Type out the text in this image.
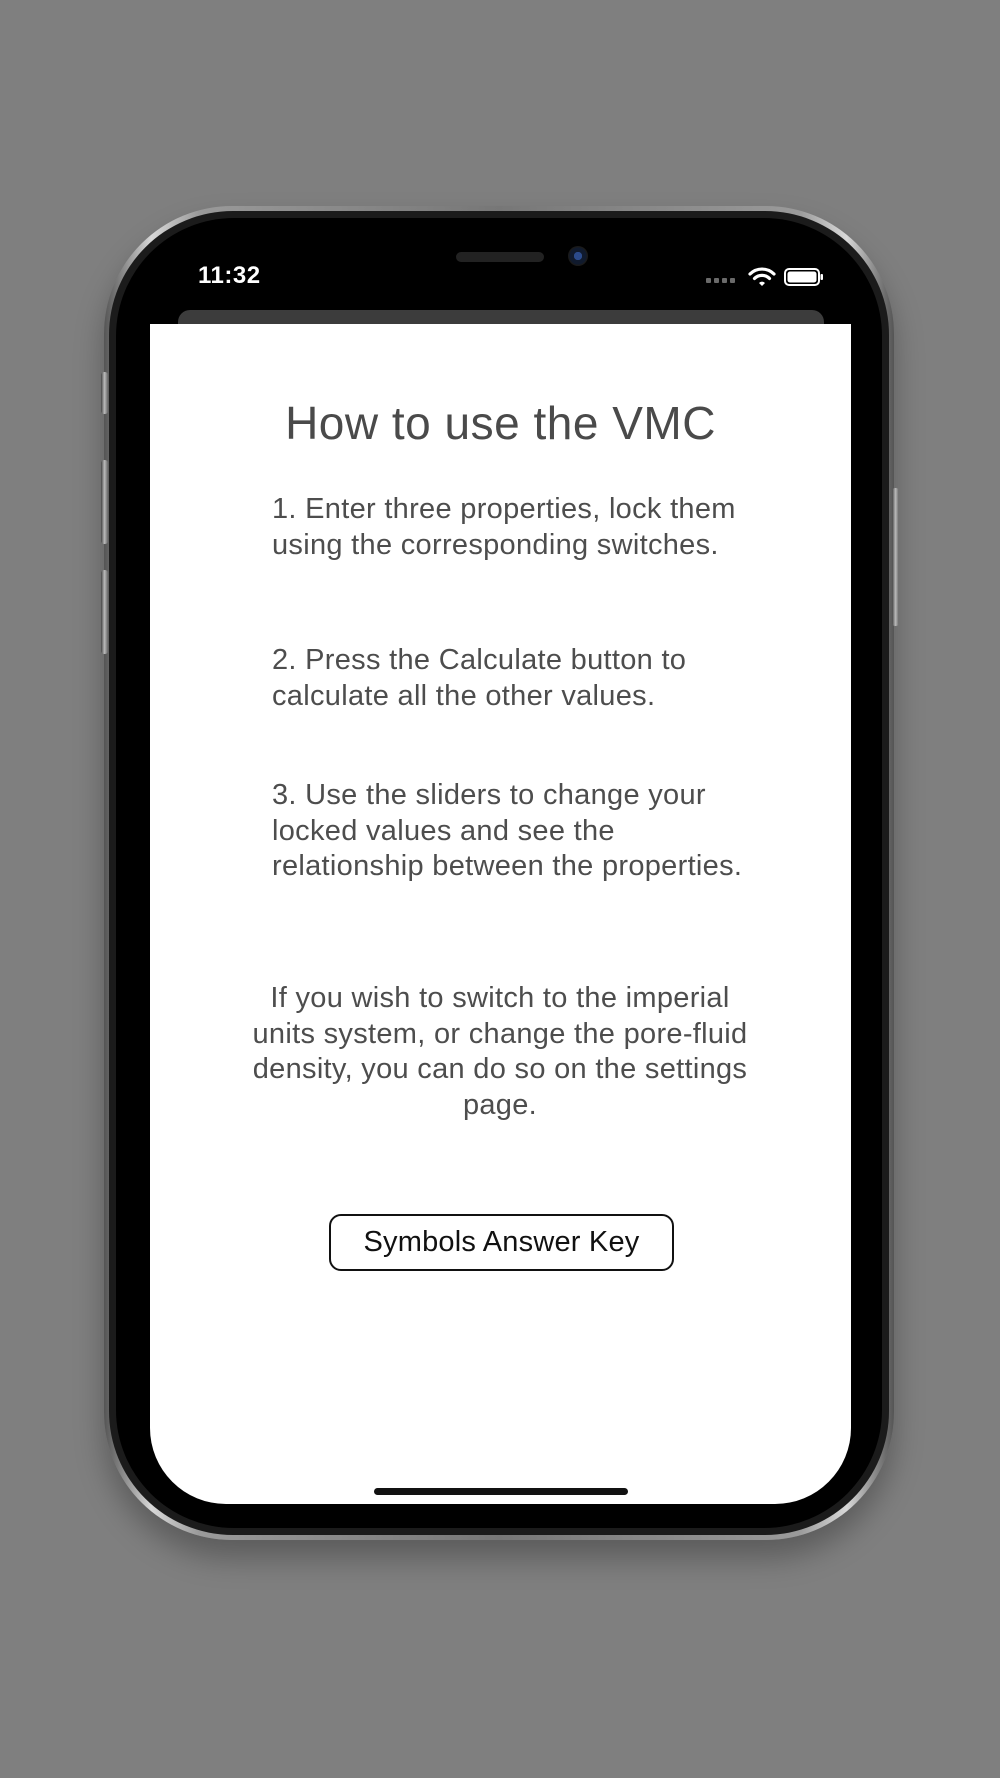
How to use the VMC
1. Enter three properties, lock them using the corresponding switches.
2. Press the Calculate button to calculate all the other values.
3. Use the sliders to change your locked values and see the relationship between the properties.
If you wish to switch to the imperial units system, or change the pore-fluid density, you can do so on the settings page.
Symbols Answer Key
11:32
